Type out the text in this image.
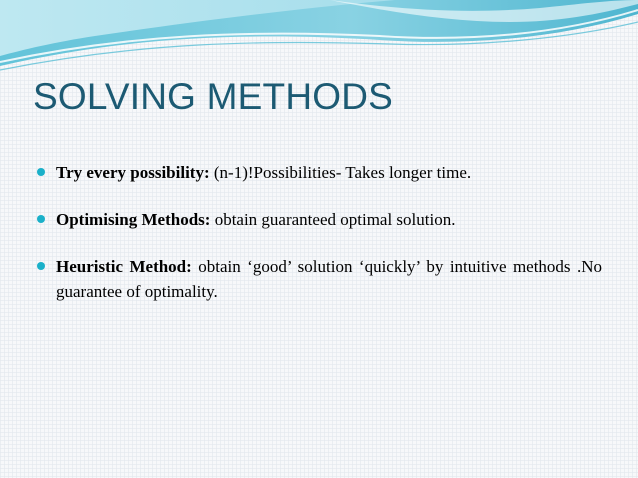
SOLVING METHODS
Try every possibility: (n-1)!Possibilities- Takes longer time.
Optimising Methods: obtain guaranteed optimal solution.
Heuristic Method: obtain ‘good’ solution ‘quickly’ by intuitive methods .No guarantee of optimality.
